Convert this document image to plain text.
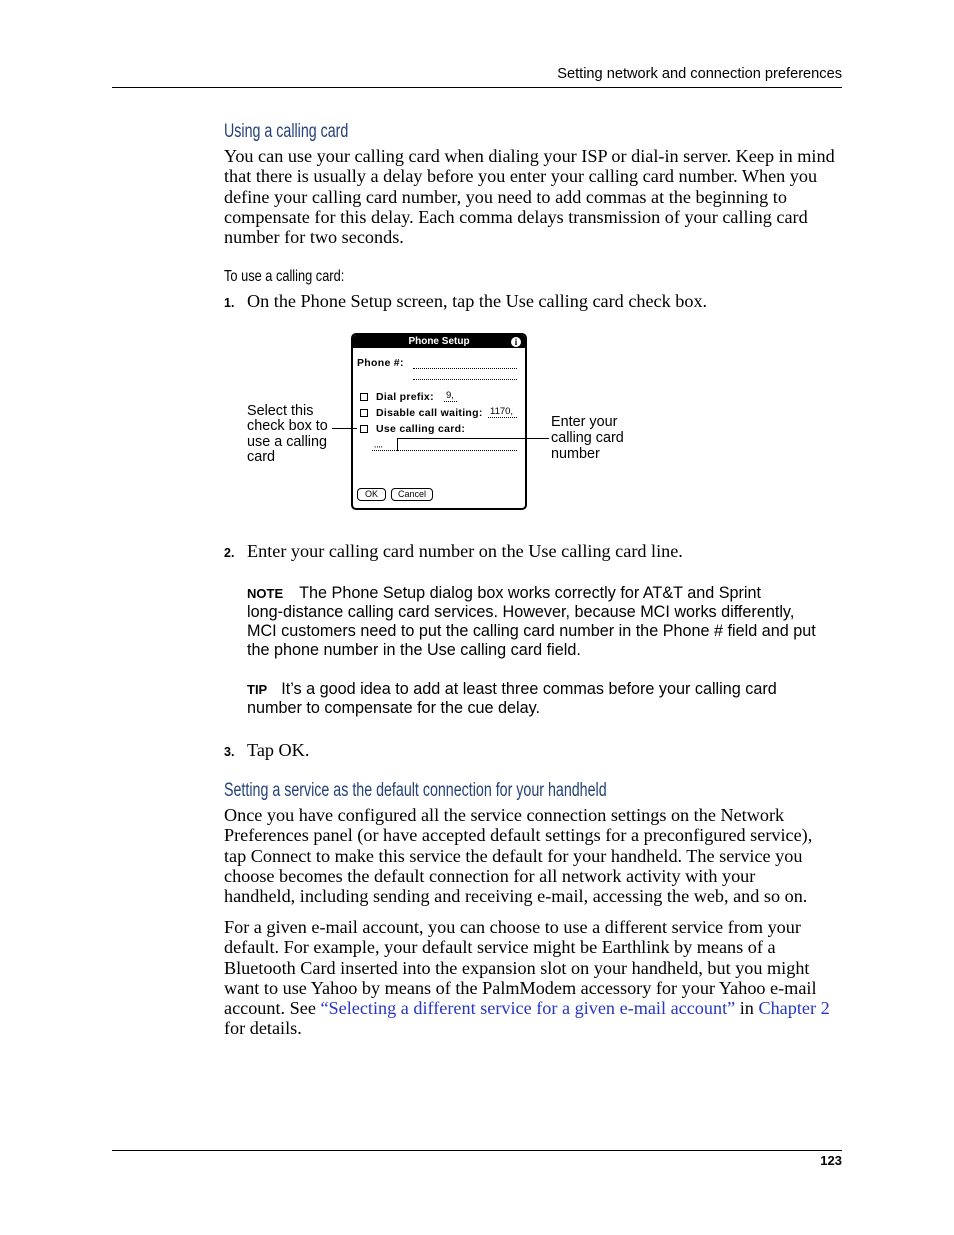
Setting network and connection preferences
Using a calling card
You can use your calling card when dialing your ISP or dial-in server. Keep in mind
that there is usually a delay before you enter your calling card number. When you
define your calling card number, you need to add commas at the beginning to
compensate for this delay. Each comma delays transmission of your calling card
number for two seconds.
To use a calling card:
1. On the Phone Setup screen, tap the Use calling card check box.
Select this
check box to
use a calling
card
Phone Setup
i
Phone #:
Dial prefix: 9,
Disable call waiting: 1170,
Use calling card:
,,,,
OK	Cancel
Enter your
calling card
number
2. Enter your calling card number on the Use calling card line.
NOTE The Phone Setup dialog box works correctly for AT&T and Sprint
long-distance calling card services. However, because MCI works differently,
MCI customers need to put the calling card number in the Phone # field and put
the phone number in the Use calling card field.
TIP It’s a good idea to add at least three commas before your calling card
number to compensate for the cue delay.
3. Tap OK.
Setting a service as the default connection for your handheld
Once you have configured all the service connection settings on the Network
Preferences panel (or have accepted default settings for a preconfigured service),
tap Connect to make this service the default for your handheld. The service you
choose becomes the default connection for all network activity with your
handheld, including sending and receiving e-mail, accessing the web, and so on.
For a given e-mail account, you can choose to use a different service from your
default. For example, your default service might be Earthlink by means of a
Bluetooth Card inserted into the expansion slot on your handheld, but you might
want to use Yahoo by means of the PalmModem accessory for your Yahoo e-mail
account. See “Selecting a different service for a given e-mail account” in Chapter 2
for details.
123
